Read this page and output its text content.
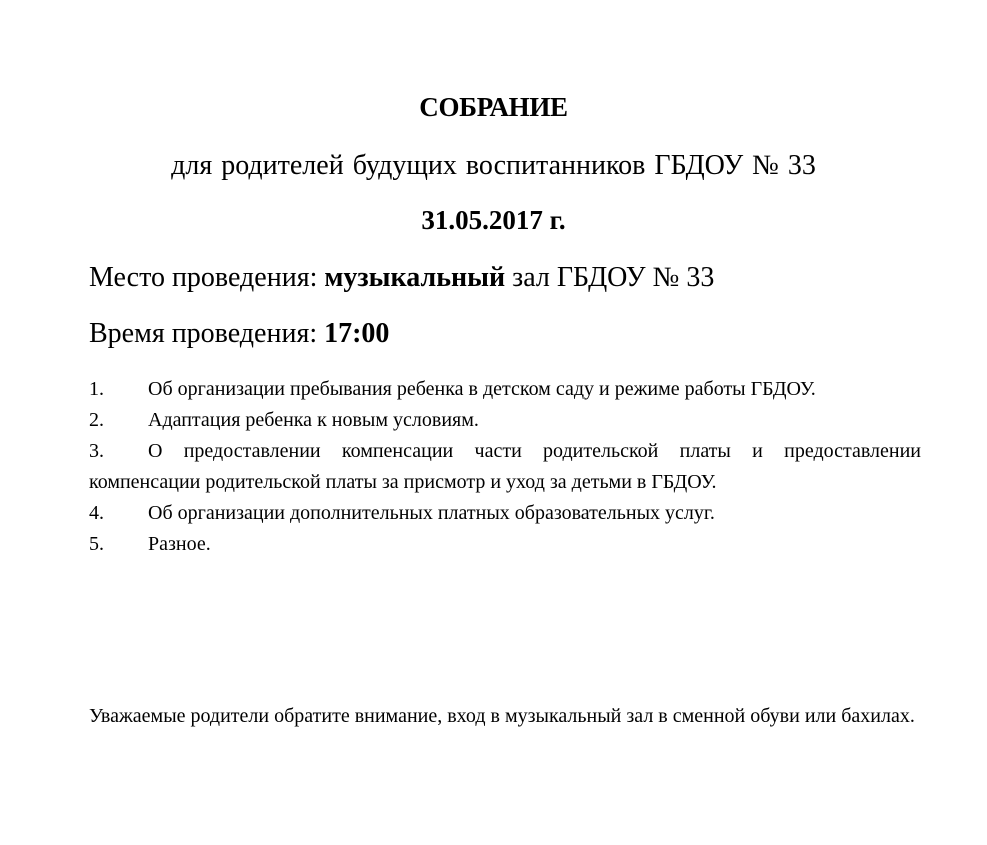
СОБРАНИЕ
для родителей будущих воспитанников ГБДОУ № 33
31.05.2017 г.

Место проведения: музыкальный зал ГБДОУ № 33

Время проведения: 17:00

1. Об организации пребывания ребенка в детском саду и режиме работы ГБДОУ.
2. Адаптация ребенка к новым условиям.
3. О предоставлении компенсации части родительской платы и предоставлении компенсации родительской платы за присмотр и уход за детьми в ГБДОУ.
4. Об организации дополнительных платных образовательных услуг.
5. Разное.

Уважаемые родители обратите внимание, вход в музыкальный зал в сменной обуви или бахилах.
